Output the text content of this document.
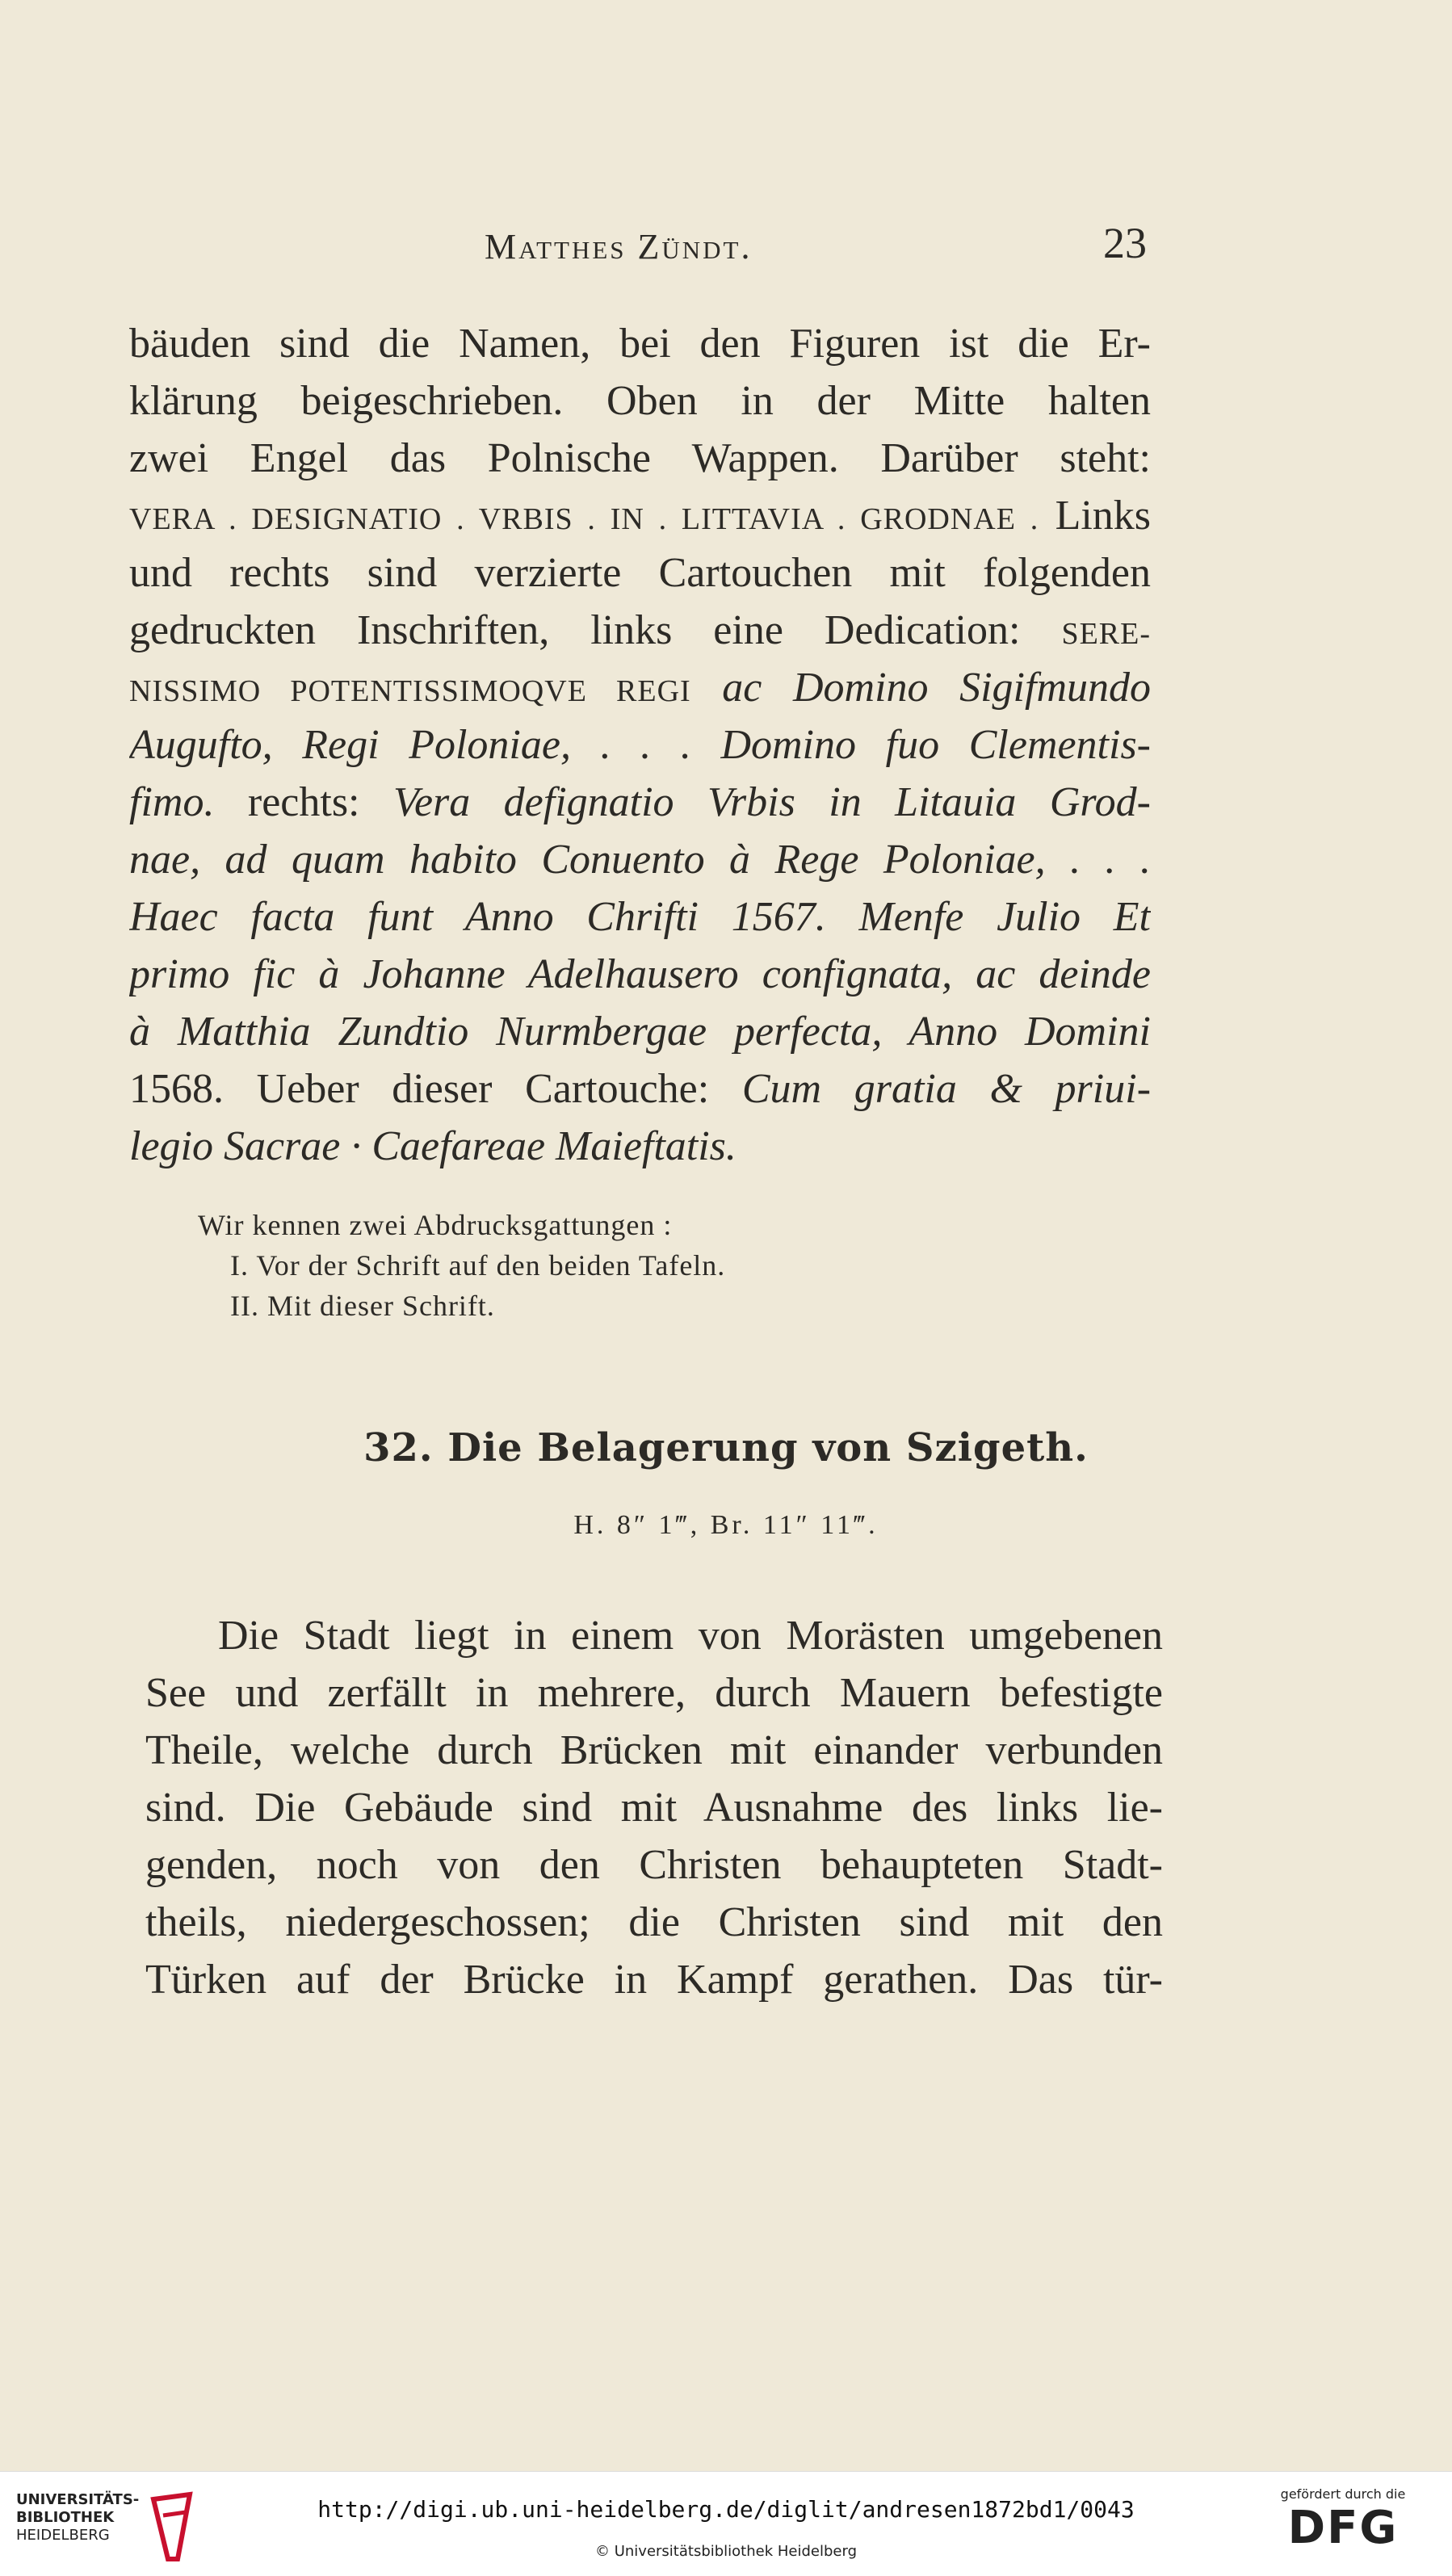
Matthes Zündt.	23
bäuden sind die Namen, bei den Figuren ist die Er-
klärung beigeschrieben. Oben in der Mitte halten
zwei Engel das Polnische Wappen. Darüber steht:
VERA . DESIGNATIO . VRBIS . IN . LITTAVIA . GRODNAE . Links
und rechts sind verzierte Cartouchen mit folgenden
gedruckten Inschriften, links eine Dedication: SERE-
NISSIMO POTENTISSIMOQVE REGI ac Domino Sigifmundo
Augufto, Regi Poloniae, . . . Domino fuo Clementis-
fimo. rechts: Vera defignatio Vrbis in Litauia Grod-
nae, ad quam habito Conuento à Rege Poloniae, . . .
Haec facta funt Anno Chrifti 1567. Menfe Julio Et
primo fic à Johanne Adelhausero confignata, ac deinde
à Matthia Zundtio Nurmbergae perfecta, Anno Domini
1568. Ueber dieser Cartouche: Cum gratia & priui-
legio Sacrae · Caefareae Maieftatis.
Wir kennen zwei Abdrucksgattungen :
I. Vor der Schrift auf den beiden Tafeln.
II. Mit dieser Schrift.
32. Die Belagerung von Szigeth.
H. 8″ 1‴, Br. 11″ 11‴.
Die Stadt liegt in einem von Morästen umgebenen
See und zerfällt in mehrere, durch Mauern befestigte
Theile, welche durch Brücken mit einander verbunden
sind. Die Gebäude sind mit Ausnahme des links lie-
genden, noch von den Christen behaupteten Stadt-
theils, niedergeschossen; die Christen sind mit den
Türken auf der Brücke in Kampf gerathen. Das tür-
UNIVERSITÄTS-
BIBLIOTHEK
HEIDELBERG
http://digi.ub.uni-heidelberg.de/diglit/andresen1872bd1/0043
© Universitätsbibliothek Heidelberg
gefördert durch die
DFG
